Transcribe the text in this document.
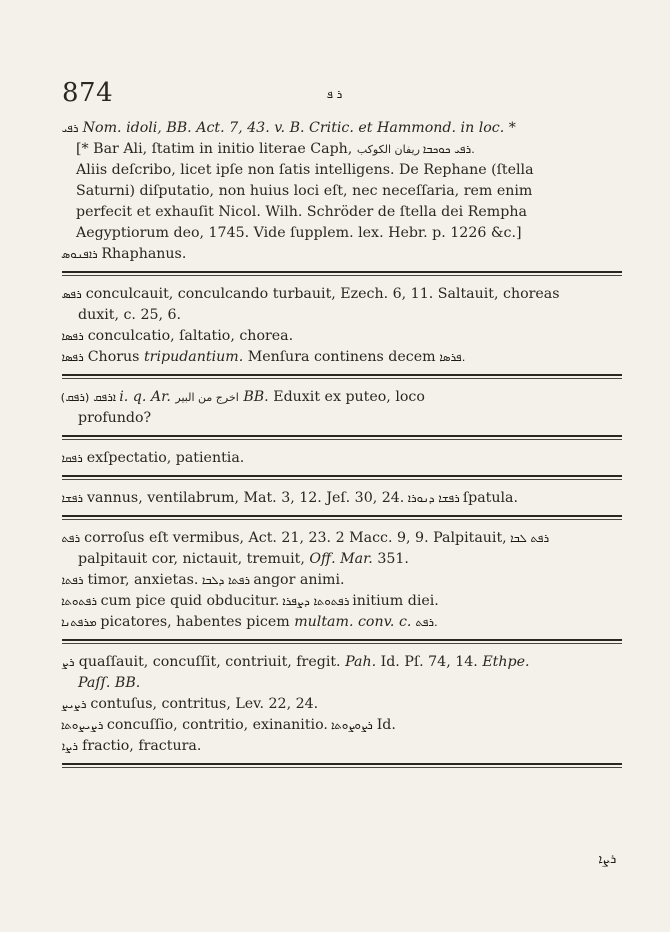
874	ܪ ܦ

ܪܦܝ Nom. idoli, BB. Act. 7, 43. v. B. Critic. et Hammond. in loc. *

[* Bar Ali, ſtatim in initio literae Caph, ريفان الكوكب ܪܦܝ ܟܘܟܒܐ.
Aliis deſcribo, licet ipſe non ſatis intelligens. De Rephane (ſtella
Saturni) diſputatio, non huius loci eſt, nec neceſſaria, rem enim
perfecit et exhauſit Nicol. Wilh. Schröder de ſtella dei Rempha
Aegyptiorum deo, 1745. Vide ſupplem. lex. Hebr. p. 1226 &c.]

ܪܐܦܢܘܣ Rhaphanus.

ܪܦܣ conculcauit, conculcando turbauit, Ezech. 6, 11. Saltauit, choreas

duxit, c. 25, 6.

ܪܦܣܐ conculcatio, ſaltatio, chorea.

ܪܦܣܐ Chorus tripudantium. Menſura continens decem ܦܪܣܐ.

(ܪܦܩ) ܐܪܦܩ i. q. Ar. اخرج من البير BB. Eduxit ex puteo, loco

profundo?

ܪܦܩܐ exſpectatio, patientia.

ܪܦܫܐ vannus, ventilabrum, Mat. 3, 12. Jeſ. 30, 24. ܪܦܫܐ ܕܢܘܪܐ ſpatula.

ܪܦܬ corroſus eſt vermibus, Act. 21, 23. 2 Macc. 9, 9. Palpitauit, ܪܦܬ ܠܒܐ

palpitauit cor, nictauit, tremuit, Off. Mar. 351.

ܪܦܬܐ timor, anxietas. ܪܦܬܐ ܕܠܒܐ angor animi.

ܪܦܬܘܬܐ cum pice quid obducitur. ܪܦܬܘܬܐ ܕܨܦܪܐ initium diei.

ܡܪܦܬܢܐ picatores, habentes picem multam. conv. c. ܪܦܬ.

ܪܨ quaſſauit, concuſſit, contriuit, fregit. Pah. Id. Pſ. 74, 14. Ethpe.

Paſſ. BB.

ܪܨܝܨ contuſus, contritus, Lev. 22, 24.

ܪܨܝܨܘܬܐ concuſſio, contritio, exinanitio. ܪܨܘܨܘܬܐ Id.

ܪܨܐ fractio, fractura.

ܪܨܐ
